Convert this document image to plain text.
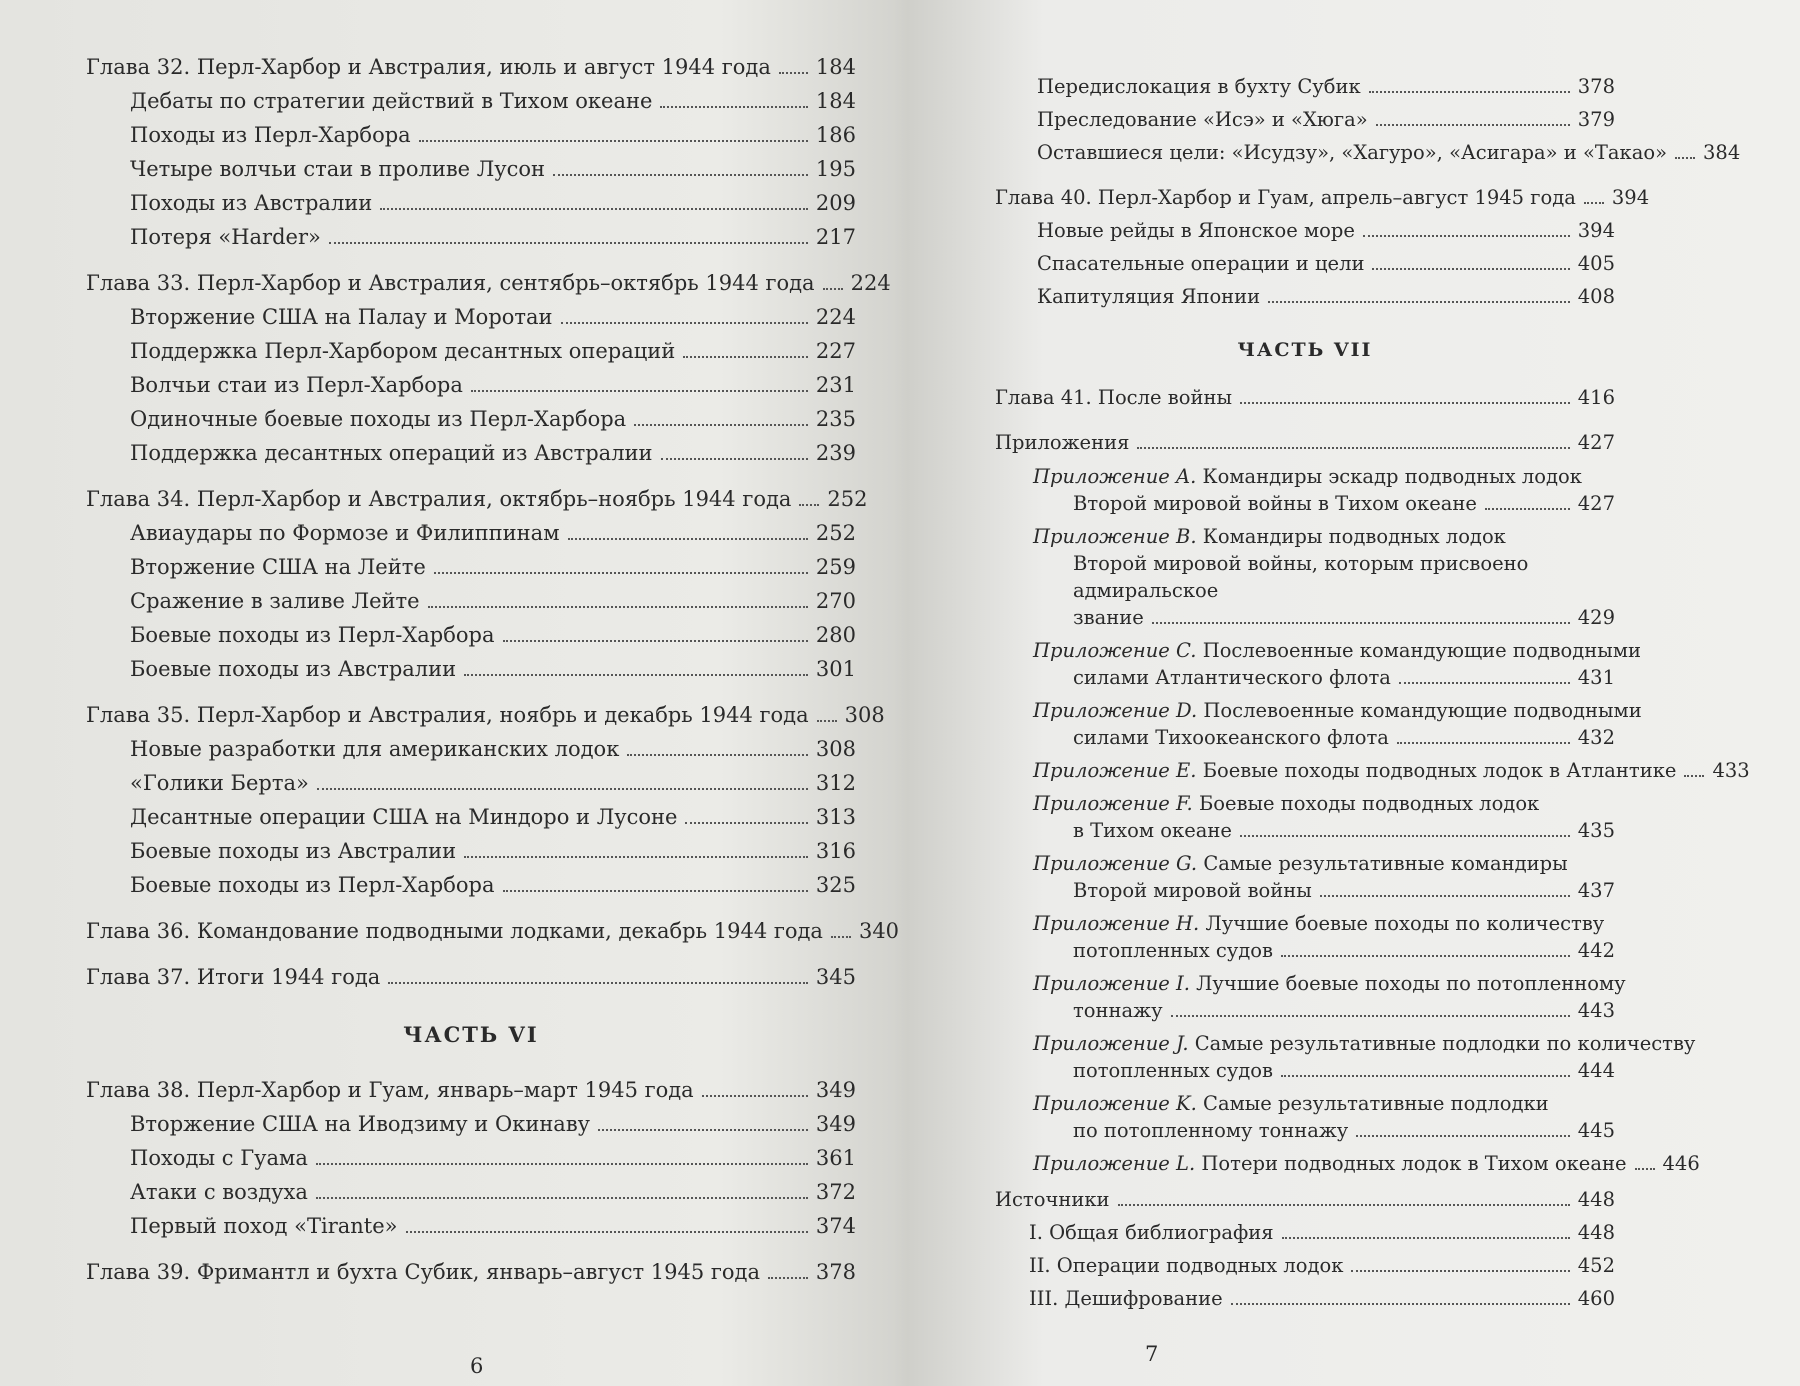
Глава 32. Перл-Харбор и Австралия, июль и август 1944 года 184
Дебаты по стратегии действий в Тихом океане	184
Походы из Перл-Харбора	186
Четыре волчьи стаи в проливе Лусон	195
Походы из Австралии	209
Потеря «Harder»	217
Глава 33. Перл-Харбор и Австралия, сентябрь–октябрь 1944 года 224
Вторжение США на Палау и Моротаи	224
Поддержка Перл-Харбором десантных операций	227
Волчьи стаи из Перл-Харбора	231
Одиночные боевые походы из Перл-Харбора	235
Поддержка десантных операций из Австралии	239
Глава 34. Перл-Харбор и Австралия, октябрь–ноябрь 1944 года 252
Авиаудары по Формозе и Филиппинам	252
Вторжение США на Лейте	259
Сражение в заливе Лейте	270
Боевые походы из Перл-Харбора	280
Боевые походы из Австралии	301
Глава 35. Перл-Харбор и Австралия, ноябрь и декабрь 1944 года 308
Новые разработки для американских лодок	308
«Голики Берта»	312
Десантные операции США на Миндоро и Лусоне	313
Боевые походы из Австралии	316
Боевые походы из Перл-Харбора	325
Глава 36. Командование подводными лодками, декабрь 1944 года 340
Глава 37. Итоги 1944 года	345
ЧАСТЬ VI
Глава 38. Перл-Харбор и Гуам, январь–март 1945 года	349
Вторжение США на Иводзиму и Окинаву	349
Походы с Гуама	361
Атаки с воздуха	372
Первый поход «Tirante»	374
Глава 39. Фримантл и бухта Субик, январь–август 1945 года	378
6
Передислокация в бухту Субик	378
Преследование «Исэ» и «Хюга»	379
Оставшиеся цели: «Исудзу», «Хагуро», «Асигара» и «Такао» 384
Глава 40. Перл-Харбор и Гуам, апрель–август 1945 года 394
Новые рейды в Японское море	394
Спасательные операции и цели	405
Капитуляция Японии	408
ЧАСТЬ VII
Глава 41. После войны	416
Приложения	427
Приложение A. Командиры эскадр подводных лодок
Второй мировой войны в Тихом океане	427
Приложение B. Командиры подводных лодок
Второй мировой войны, которым присвоено адмиральское
звание	429
Приложение C. Послевоенные командующие подводными
силами Атлантического флота	431
Приложение D. Послевоенные командующие подводными
силами Тихоокеанского флота	432
Приложение E. Боевые походы подводных лодок в Атлантике 433
Приложение F. Боевые походы подводных лодок
в Тихом океане	435
Приложение G. Самые результативные командиры
Второй мировой войны	437
Приложение H. Лучшие боевые походы по количеству
потопленных судов	442
Приложение I. Лучшие боевые походы по потопленному
тоннажу	443
Приложение J. Самые результативные подлодки по количеству
потопленных судов	444
Приложение K. Самые результативные подлодки
по потопленному тоннажу	445
Приложение L. Потери подводных лодок в Тихом океане 446
Источники	448
I. Общая библиография	448
II. Операции подводных лодок	452
III. Дешифрование	460
7
